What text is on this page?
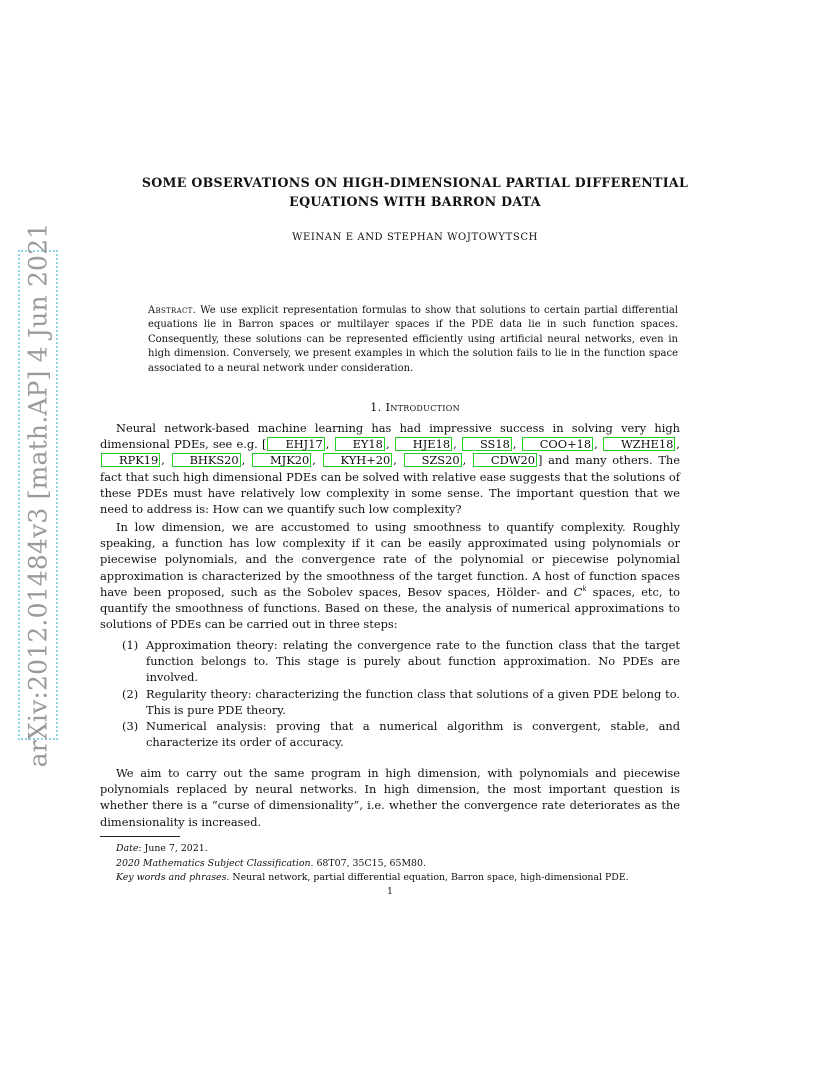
arXiv:2012.01484v3 [math.AP] 4 Jun 2021
SOME OBSERVATIONS ON HIGH-DIMENSIONAL PARTIAL DIFFERENTIAL
EQUATIONS WITH BARRON DATA
WEINAN E AND STEPHAN WOJTOWYTSCH
Abstract. We use explicit representation formulas to show that solutions to certain partial differential equations lie in Barron spaces or multilayer spaces if the PDE data lie in such function spaces. Consequently, these solutions can be represented efficiently using artificial neural networks, even in high dimension. Conversely, we present examples in which the solution fails to lie in the function space associated to a neural network under consideration.
1. Introduction

Neural network-based machine learning has had impressive success in solving very high dimensional PDEs, see e.g. [ EHJ17 , EY18 , HJE18 , SS18 , COO+18 , WZHE18 , RPK19 , BHKS20 , MJK20 , KYH+20 , SZS20 , CDW20 ] and many others. The fact that such high dimensional PDEs can be solved with relative ease suggests that the solutions of these PDEs must have relatively low complexity in some sense. The important question that we need to address is: How can we quantify such low complexity?

In low dimension, we are accustomed to using smoothness to quantify complexity. Roughly speaking, a function has low complexity if it can be easily approximated using polynomials or piecewise polynomials, and the convergence rate of the polynomial or piecewise polynomial approximation is characterized by the smoothness of the target function. A host of function spaces have been proposed, such as the Sobolev spaces, Besov spaces, Hölder- and $C^k$ spaces, etc, to quantify the smoothness of functions. Based on these, the analysis of numerical approximations to solutions of PDEs can be carried out in three steps:

(1) Approximation theory: relating the convergence rate to the function class that the target function belongs to. This stage is purely about function approximation. No PDEs are involved.
(2) Regularity theory: characterizing the function class that solutions of a given PDE belong to. This is pure PDE theory.
(3) Numerical analysis: proving that a numerical algorithm is convergent, stable, and characterize its order of accuracy.

We aim to carry out the same program in high dimension, with polynomials and piecewise polynomials replaced by neural networks. In high dimension, the most important question is whether there is a “curse of dimensionality”, i.e. whether the convergence rate deteriorates as the dimensionality is increased.

Date: June 7, 2021.
2020 Mathematics Subject Classification. 68T07, 35C15, 65M80.
Key words and phrases. Neural network, partial differential equation, Barron space, high-dimensional PDE.
1
